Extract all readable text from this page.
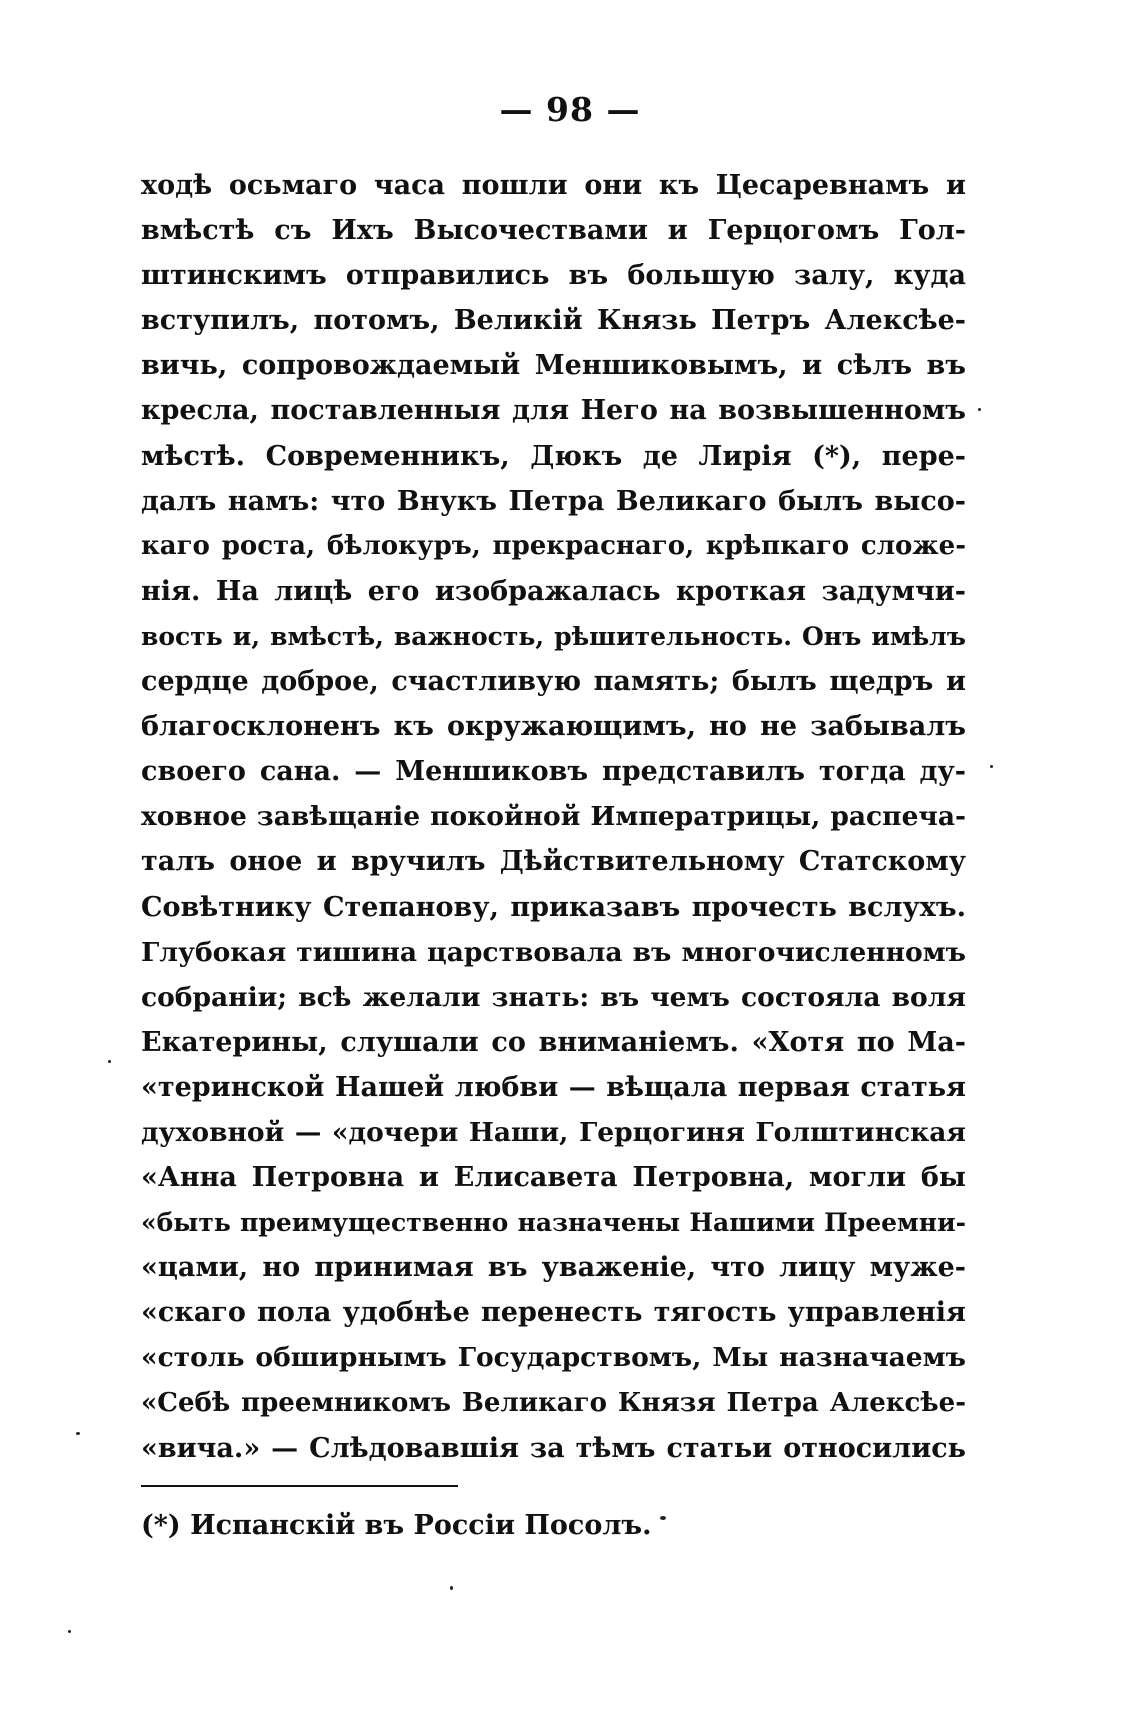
— 98 —
ходѣ осьмаго часа пошли они къ Цесаревнамъ и
вмѣстѣ съ Ихъ Высочествами и Герцогомъ Гол-
штинскимъ отправились въ большую залу, куда
вступилъ, потомъ, Великій Князь Петръ Алексѣе-
вичь, сопровождаемый Меншиковымъ, и сѣлъ въ
кресла, поставленныя для Него на возвышенномъ
мѣстѣ. Современникъ, Дюкъ де Лирія (*), пере-
далъ намъ: что Внукъ Петра Великаго былъ высо-
каго роста, бѣлокуръ, прекраснаго, крѣпкаго сложе-
нія. На лицѣ его изображалась кроткая задумчи-
вость и, вмѣстѣ, важность, рѣшительность. Онъ имѣлъ
сердце доброе, счастливую память; былъ щедръ и
благосклоненъ къ окружающимъ, но не забывалъ
своего сана. — Меншиковъ представилъ тогда ду-
ховное завѣщаніе покойной Императрицы, распеча-
талъ оное и вручилъ Дѣйствительному Статскому
Совѣтнику Степанову, приказавъ прочесть вслухъ.
Глубокая тишина царствовала въ многочисленномъ
собраніи; всѣ желали знать: въ чемъ состояла воля
Екатерины, слушали со вниманіемъ. «Хотя по Ма-
«теринской Нашей любви — вѣщала первая статья
духовной — «дочери Наши, Герцогиня Голштинская
«Анна Петровна и Елисавета Петровна, могли бы
«быть преимущественно назначены Нашими Преемни-
«цами, но принимая въ уваженіе, что лицу муже-
«скаго пола удобнѣе перенесть тягость управленія
«столь обширнымъ Государствомъ, Мы назначаемъ
«Себѣ преемникомъ Великаго Князя Петра Алексѣе-
«вича.» — Слѣдовавшія за тѣмъ статьи относились
(*) Испанскій въ Россіи Посолъ.
